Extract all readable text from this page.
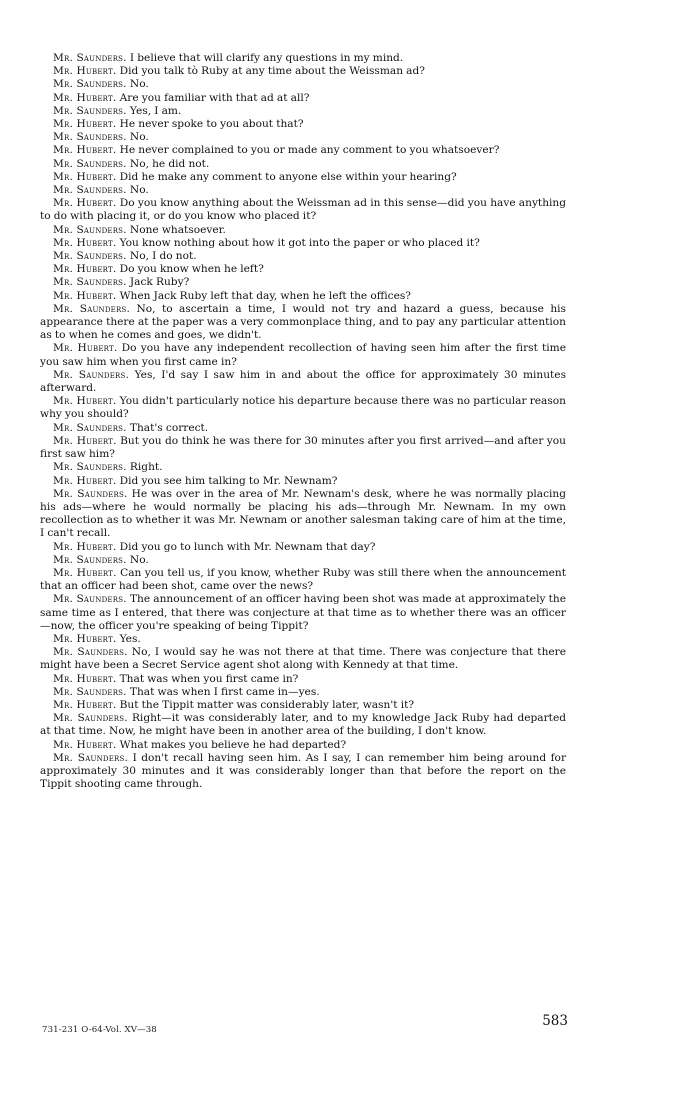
Mr. Saunders. I believe that will clarify any questions in my mind.

Mr. Hubert. Did you talk tò Ruby at any time about the Weissman ad?

Mr. Saunders. No.

Mr. Hubert. Are you familiar with that ad at all?

Mr. Saunders. Yes, I am.

Mr. Hubert. He never spoke to you about that?

Mr. Saunders. No.

Mr. Hubert. He never complained to you or made any comment to you whatsoever?

Mr. Saunders. No, he did not.

Mr. Hubert. Did he make any comment to anyone else within your hearing?

Mr. Saunders. No.

Mr. Hubert. Do you know anything about the Weissman ad in this sense—did you have anything to do with placing it, or do you know who placed it?

Mr. Saunders. None whatsoever.

Mr. Hubert. You know nothing about how it got into the paper or who placed it?

Mr. Saunders. No, I do not.

Mr. Hubert. Do you know when he left?

Mr. Saunders. Jack Ruby?

Mr. Hubert. When Jack Ruby left that day, when he left the offices?

Mr. Saunders. No, to ascertain a time, I would not try and hazard a guess, because his appearance there at the paper was a very commonplace thing, and to pay any particular attention as to when he comes and goes, we didn't.

Mr. Hubert. Do you have any independent recollection of having seen him after the first time you saw him when you first came in?

Mr. Saunders. Yes, I'd say I saw him in and about the office for approximately 30 minutes afterward.

Mr. Hubert. You didn't particularly notice his departure because there was no particular reason why you should?

Mr. Saunders. That's correct.

Mr. Hubert. But you do think he was there for 30 minutes after you first arrived—and after you first saw him?

Mr. Saunders. Right.

Mr. Hubert. Did you see him talking to Mr. Newnam?

Mr. Saunders. He was over in the area of Mr. Newnam's desk, where he was normally placing his ads—where he would normally be placing his ads—through Mr. Newnam. In my own recollection as to whether it was Mr. Newnam or another salesman taking care of him at the time, I can't recall.

Mr. Hubert. Did you go to lunch with Mr. Newnam that day?

Mr. Saunders. No.

Mr. Hubert. Can you tell us, if you know, whether Ruby was still there when the announcement that an officer had been shot, came over the news?

Mr. Saunders. The announcement of an officer having been shot was made at approximately the same time as I entered, that there was conjecture at that time as to whether there was an officer—now, the officer you're speaking of being Tippit?

Mr. Hubert. Yes.

Mr. Saunders. No, I would say he was not there at that time. There was conjecture that there might have been a Secret Service agent shot along with Kennedy at that time.

Mr. Hubert. That was when you first came in?

Mr. Saunders. That was when I first came in—yes.

Mr. Hubert. But the Tippit matter was considerably later, wasn't it?

Mr. Saunders. Right—it was considerably later, and to my knowledge Jack Ruby had departed at that time. Now, he might have been in another area of the building, I don't know.

Mr. Hubert. What makes you believe he had departed?

Mr. Saunders. I don't recall having seen him. As I say, I can remember him being around for approximately 30 minutes and it was considerably longer than that before the report on the Tippit shooting came through.

731-231 O-64-Vol. XV—38
583
